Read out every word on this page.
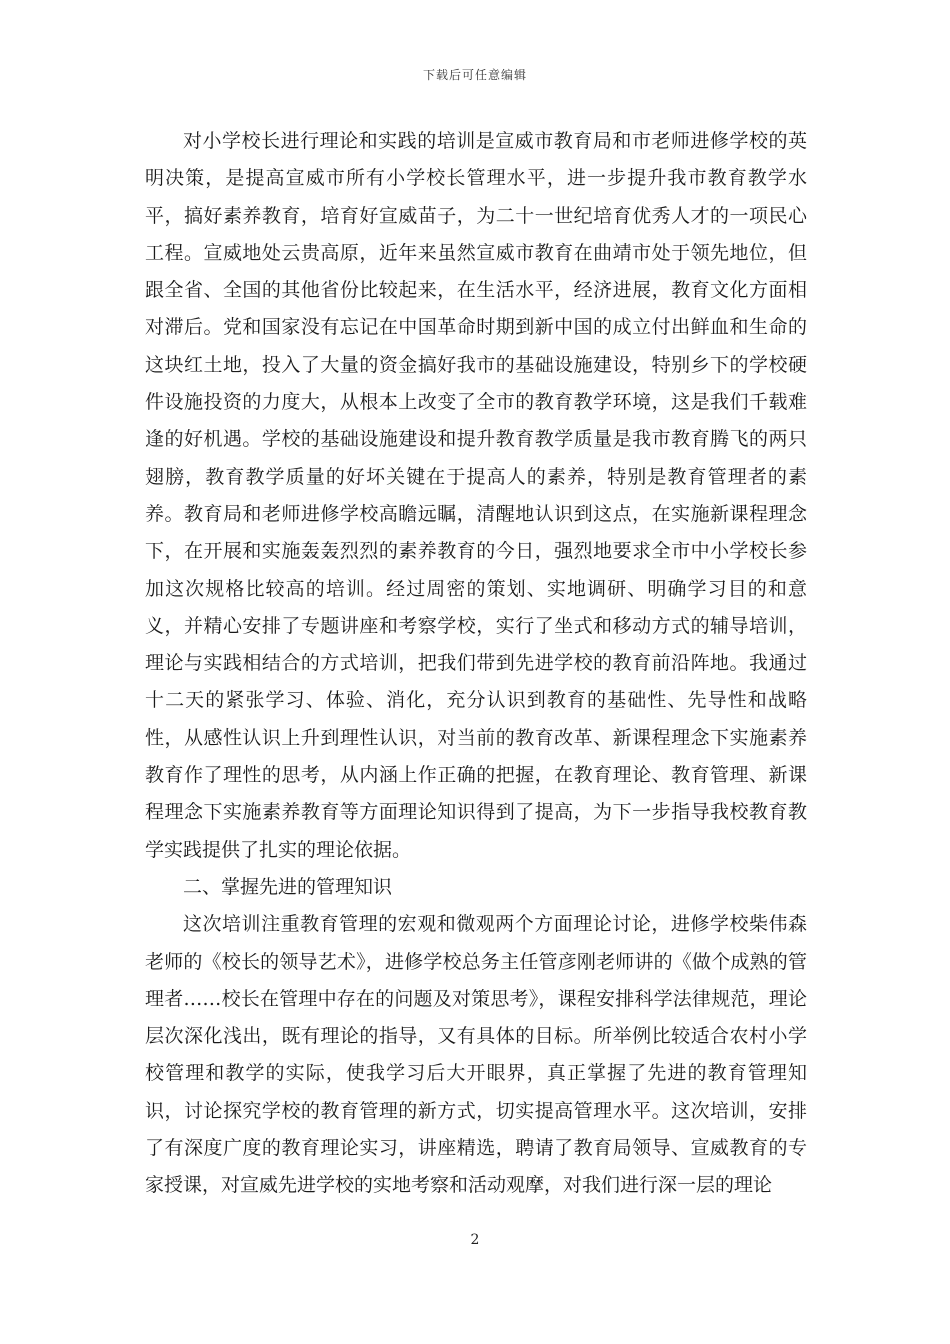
下载后可任意编辑

对小学校长进行理论和实践的培训是宣威市教育局和市老师进修学校的英明决策，是提高宣威市所有小学校长管理水平，进一步提升我市教育教学水平，搞好素养教育，培育好宣威苗子，为二十一世纪培育优秀人才的一项民心工程。宣威地处云贵高原，近年来虽然宣威市教育在曲靖市处于领先地位，但跟全省、全国的其他省份比较起来，在生活水平，经济进展，教育文化方面相对滞后。党和国家没有忘记在中国革命时期到新中国的成立付出鲜血和生命的这块红土地，投入了大量的资金搞好我市的基础设施建设，特别乡下的学校硬件设施投资的力度大，从根本上改变了全市的教育教学环境，这是我们千载难逢的好机遇。学校的基础设施建设和提升教育教学质量是我市教育腾飞的两只翅膀，教育教学质量的好坏关键在于提高人的素养，特别是教育管理者的素养。教育局和老师进修学校高瞻远瞩，清醒地认识到这点，在实施新课程理念下，在开展和实施轰轰烈烈的素养教育的今日，强烈地要求全市中小学校长参加这次规格比较高的培训。经过周密的策划、实地调研、明确学习目的和意义，并精心安排了专题讲座和考察学校，实行了坐式和移动方式的辅导培训，理论与实践相结合的方式培训，把我们带到先进学校的教育前沿阵地。我通过十二天的紧张学习、体验、消化，充分认识到教育的基础性、先导性和战略性，从感性认识上升到理性认识，对当前的教育改革、新课程理念下实施素养教育作了理性的思考，从内涵上作正确的把握，在教育理论、教育管理、新课程理念下实施素养教育等方面理论知识得到了提高，为下一步指导我校教育教学实践提供了扎实的理论依据。

二、掌握先进的管理知识

这次培训注重教育管理的宏观和微观两个方面理论讨论，进修学校柴伟森老师的《校长的领导艺术》，进修学校总务主任管彦刚老师讲的《做个成熟的管理者……校长在管理中存在的问题及对策思考》，课程安排科学法律规范，理论层次深化浅出，既有理论的指导，又有具体的目标。所举例比较适合农村小学校管理和教学的实际，使我学习后大开眼界，真正掌握了先进的教育管理知识，讨论探究学校的教育管理的新方式，切实提高管理水平。这次培训，安排了有深度广度的教育理论实习，讲座精选，聘请了教育局领导、宣威教育的专家授课，对宣威先进学校的实地考察和活动观摩，对我们进行深一层的理论

2
